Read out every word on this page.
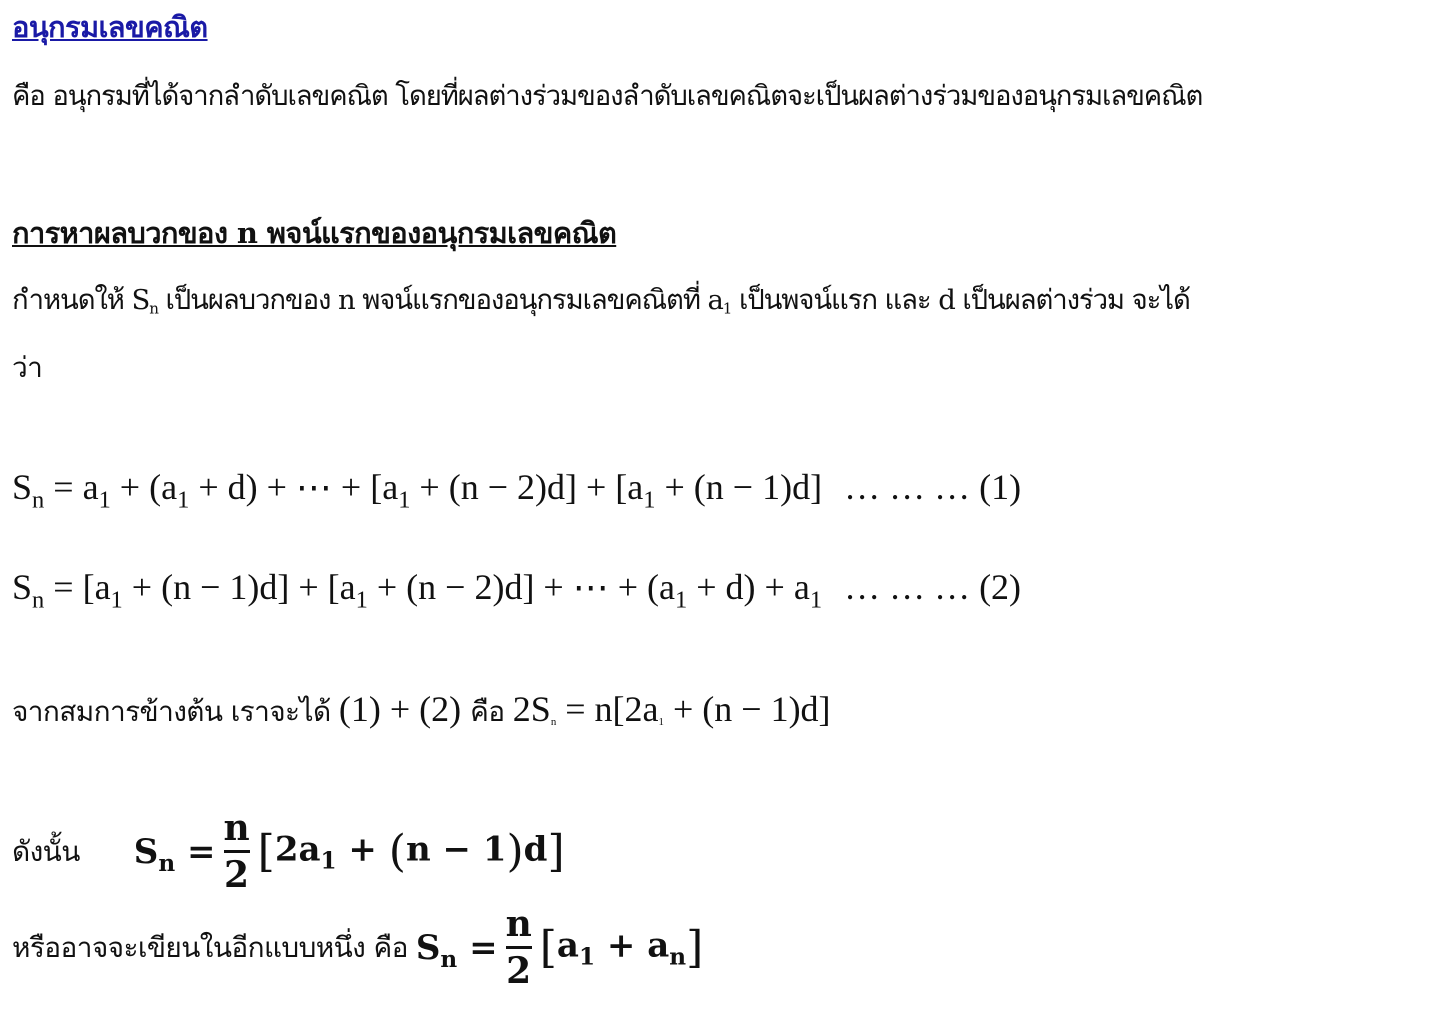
อนุกรมเลขคณิต
คือ อนุกรมที่ได้จากลำดับเลขคณิต โดยที่ผลต่างร่วมของลำดับเลขคณิตจะเป็นผลต่างร่วมของอนุกรมเลขคณิต
การหาผลบวกของ n พจน์แรกของอนุกรมเลขคณิต
กำหนดให้ $S_n$ เป็นผลบวกของ n พจน์แรกของอนุกรมเลขคณิตที่ $a_1$ เป็นพจน์แรก และ d เป็นผลต่างร่วม จะได้
ว่า
$S_n = a_1 + (a_1 + d)$ + ⋯ + $[a_1 + (n - 2)d] + [a_1 + (n - 1)d]$ … … … (1)
$S_n = [a_1 + (n - 1)d] + [a_1 + (n - 2)d]$ + ⋯ + $(a_1 + d) + a_1$ … … … (2)
จากสมการข้างต้น เราจะได้ (1) + (2) คือ $2S_n = n[2a_1 + (n - 1)d]$
ดังนั้น $S_n = \frac{n}{2} [2a_1 + (n - 1)d]$
หรืออาจจะเขียนในอีกแบบหนึ่ง คือ $S_n = \frac{n}{2} [a_1 + a_n]$
